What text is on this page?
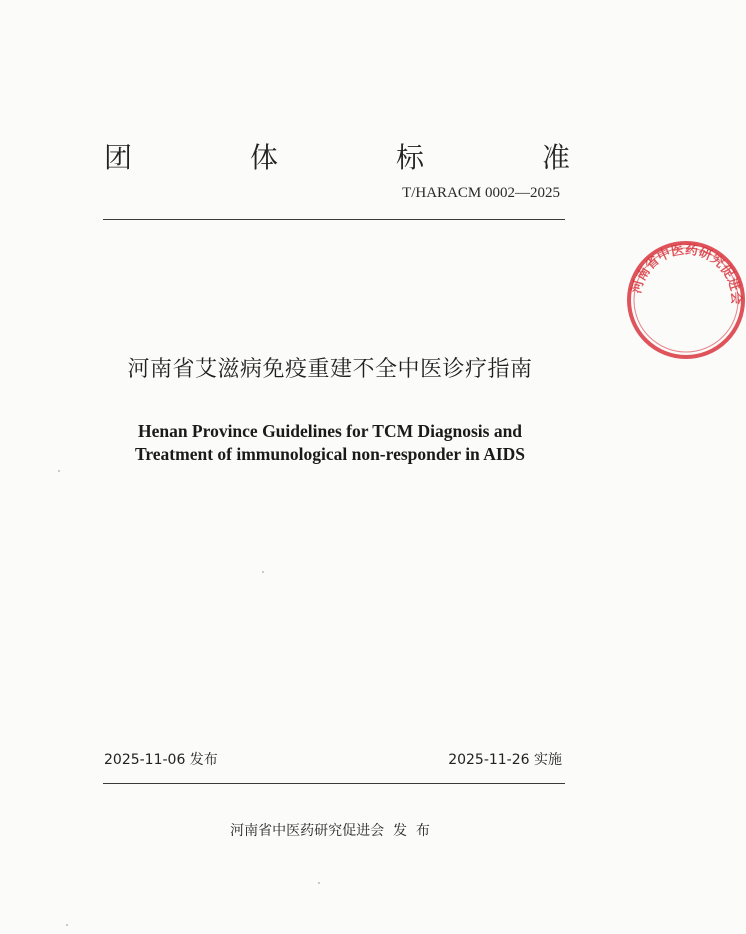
团	体	标	准
T/HARACM 0002—2025
河南省艾滋病免疫重建不全中医诊疗指南
Henan Province Guidelines for TCM Diagnosis and
Treatment of immunological non-responder in AIDS
2025-11-06 发布	2025-11-26 实施
河南省中医药研究促进会  发  布
河南省中医药研究促进会
